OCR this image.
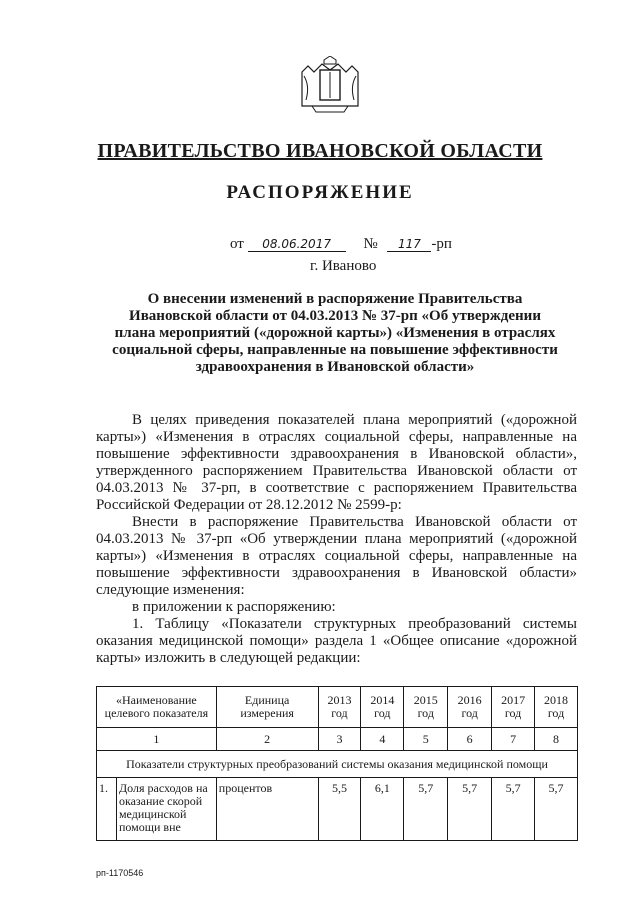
ПРАВИТЕЛЬСТВО ИВАНОВСКОЙ ОБЛАСТИ
РАСПОРЯЖЕНИЕ
от 08.06.2017 № 117 -рп
г. Иваново
О внесении изменений в распоряжение Правительства Ивановской области от 04.03.2013 № 37-рп «Об утверждении плана мероприятий («дорожной карты») «Изменения в отраслях социальной сферы, направленные на повышение эффективности здравоохранения в Ивановской области»

В целях приведения показателей плана мероприятий («дорожной карты») «Изменения в отраслях социальной сферы, направленные на повышение эффективности здравоохранения в Ивановской области», утвержденного распоряжением Правительства Ивановской области от 04.03.2013 № 37-рп, в соответствие с распоряжением Правительства Российской Федерации от 28.12.2012 № 2599-р:

Внести в распоряжение Правительства Ивановской области от 04.03.2013 № 37-рп «Об утверждении плана мероприятий («дорожной карты») «Изменения в отраслях социальной сферы, направленные на повышение эффективности здравоохранения в Ивановской области» следующие изменения:

в приложении к распоряжению:

1. Таблицу «Показатели структурных преобразований системы оказания медицинской помощи» раздела 1 «Общее описание «дорожной карты» изложить в следующей редакции:

«Наименование целевого показателя		Единица измерения	2013 год	2014 год	2015 год	2016 год	2017 год	2018 год
1		2	3	4	5	6	7	8
Показатели структурных преобразований системы оказания медицинской помощи								
1.	Доля расходов на оказание скорой медицинской помощи вне	процентов	5,5	6,1	5,7	5,7	5,7	5,7
рп-1170546
